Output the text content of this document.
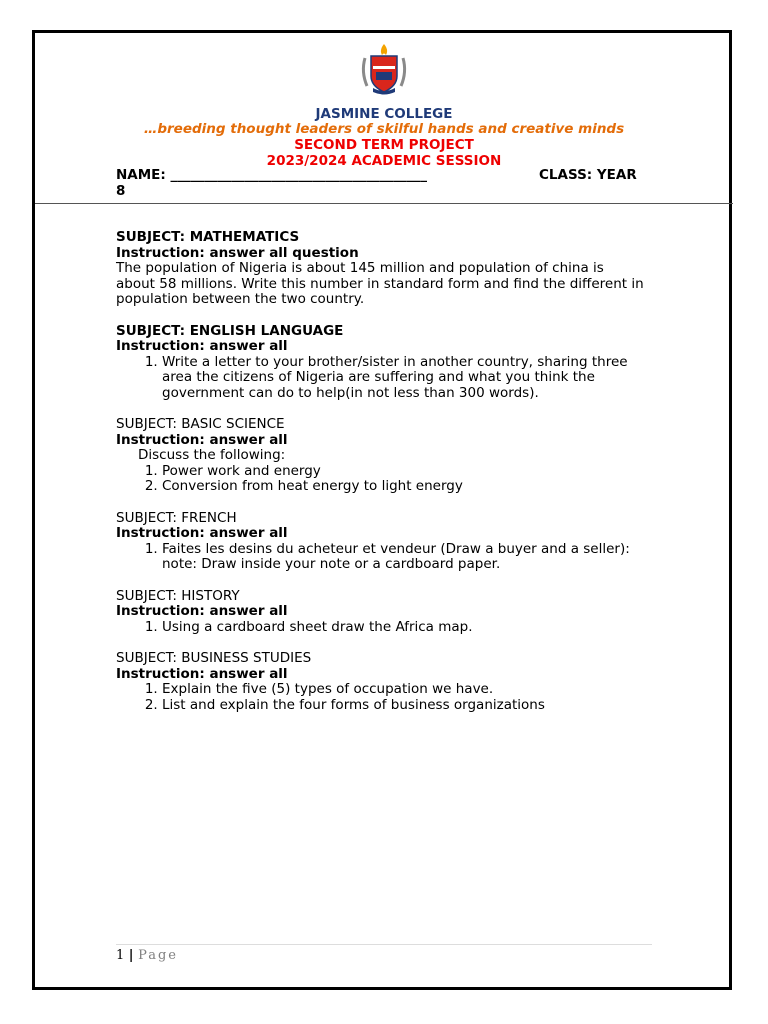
JASMINE COLLEGE
…breeding thought leaders of skilful hands and creative minds
SECOND TERM PROJECT
2023/2024 ACADEMIC SESSION
NAME: ______________________________________	CLASS: YEAR
8
SUBJECT: MATHEMATICS
Instruction: answer all question
The population of Nigeria is about 145 million and population of china is about 58 millions. Write this number in standard form and find the different in population between the two country.
SUBJECT: ENGLISH LANGUAGE
Instruction: answer all
1. Write a letter to your brother/sister in another country, sharing three area the citizens of Nigeria are suffering and what you think the government can do to help(in not less than 300 words).
SUBJECT: BASIC SCIENCE
Instruction: answer all
Discuss the following:
1. Power work and energy
2. Conversion from heat energy to light energy
SUBJECT: FRENCH
Instruction: answer all
1. Faites les desins du acheteur et vendeur (Draw a buyer and a seller): note: Draw inside your note or a cardboard paper.
SUBJECT: HISTORY
Instruction: answer all
1. Using a cardboard sheet draw the Africa map.
SUBJECT: BUSINESS STUDIES
Instruction: answer all
1. Explain the five (5) types of occupation we have.
2. List and explain the four forms of business organizations
1 | Page
